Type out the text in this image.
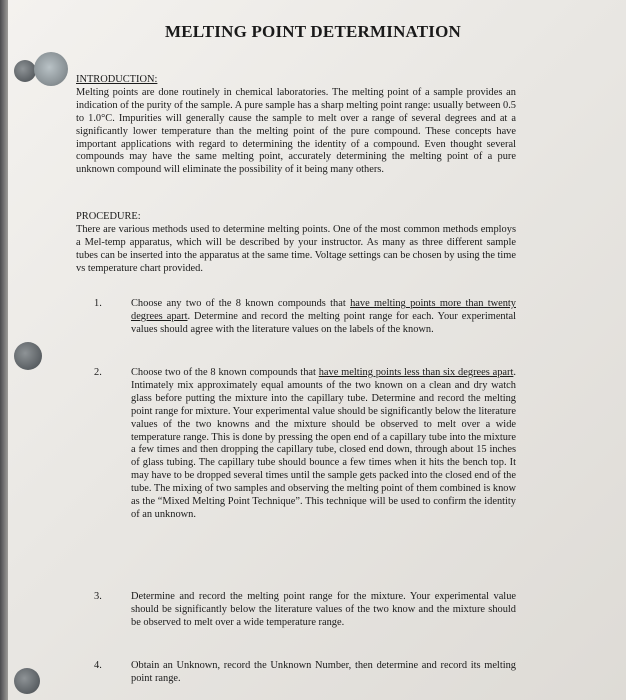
MELTING POINT DETERMINATION
INTRODUCTION:
Melting points are done routinely in chemical laboratories. The melting point of a sample provides an indication of the purity of the sample. A pure sample has a sharp melting point range: usually between 0.5 to 1.0°C. Impurities will generally cause the sample to melt over a range of several degrees and at a significantly lower temperature than the melting point of the pure compound. These concepts have important applications with regard to determining the identity of a compound. Even thought several compounds may have the same melting point, accurately determining the melting point of a pure unknown compound will eliminate the possibility of it being many others.
PROCEDURE:
There are various methods used to determine melting points. One of the most common methods employs a Mel-temp apparatus, which will be described by your instructor. As many as three different sample tubes can be inserted into the apparatus at the same time. Voltage settings can be chosen by using the time vs temperature chart provided.
1.	Choose any two of the 8 known compounds that have melting points more than twenty degrees apart. Determine and record the melting point range for each. Your experimental values should agree with the literature values on the labels of the known.
2.	Choose two of the 8 known compounds that have melting points less than six degrees apart. Intimately mix approximately equal amounts of the two known on a clean and dry watch glass before putting the mixture into the capillary tube. Determine and record the melting point range for mixture. Your experimental value should be significantly below the literature values of the two knowns and the mixture should be observed to melt over a wide temperature range. This is done by pressing the open end of a capillary tube into the mixture a few times and then dropping the capillary tube, closed end down, through about 15 inches of glass tubing. The capillary tube should bounce a few times when it hits the bench top. It may have to be dropped several times until the sample gets packed into the closed end of the tube. The mixing of two samples and observing the melting point of them combined is know as the “Mixed Melting Point Technique”. This technique will be used to confirm the identity of an unknown.
3.	Determine and record the melting point range for the mixture. Your experimental value should be significantly below the literature values of the two know and the mixture should be observed to melt over a wide temperature range.
4.	Obtain an Unknown, record the Unknown Number, then determine and record its melting point range.
